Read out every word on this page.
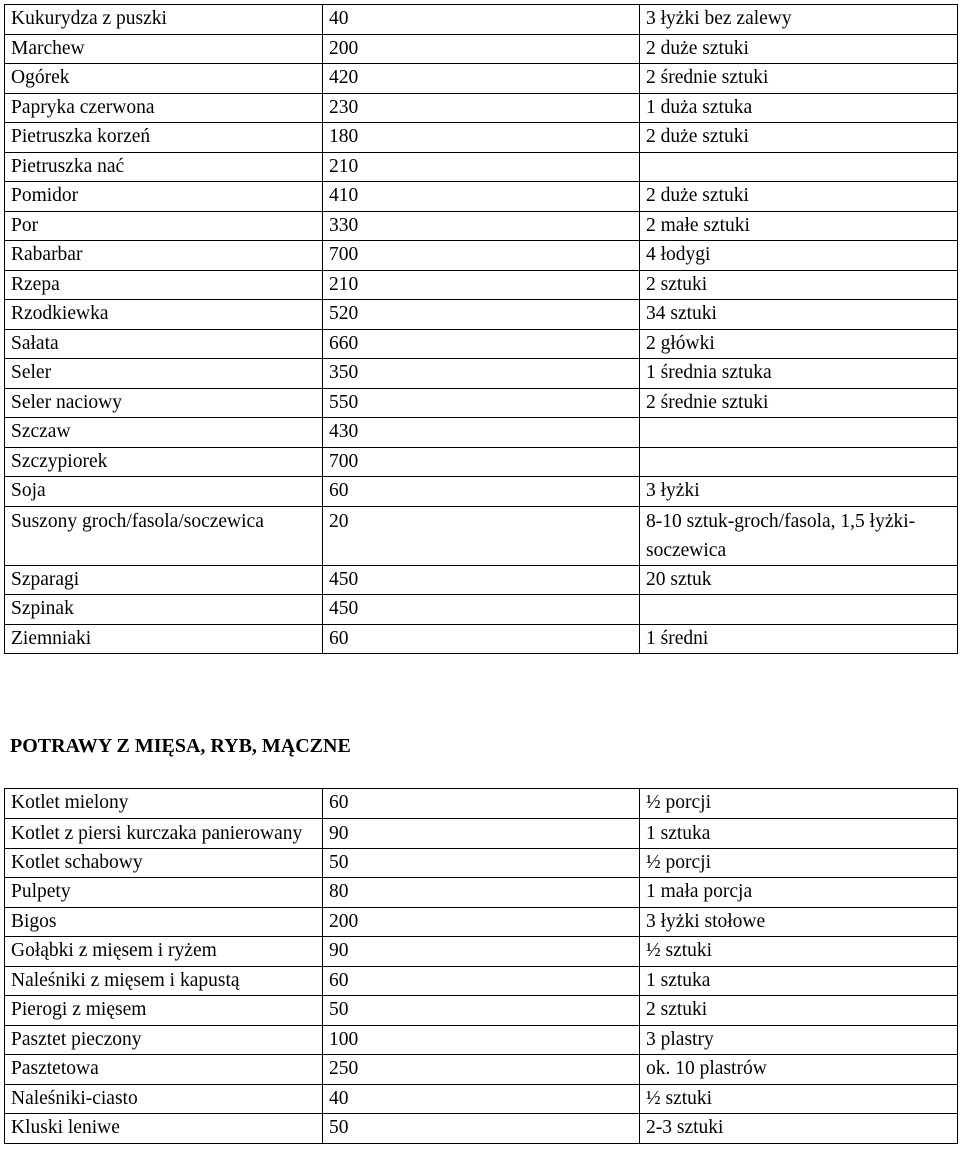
Kukurydza z puszki	40	3 łyżki bez zalewy
Marchew	200	2 duże sztuki
Ogórek	420	2 średnie sztuki
Papryka czerwona	230	1 duża sztuka
Pietruszka korzeń	180	2 duże sztuki
Pietruszka nać	210	
Pomidor	410	2 duże sztuki
Por	330	2 małe sztuki
Rabarbar	700	4 łodygi
Rzepa	210	2 sztuki
Rzodkiewka	520	34 sztuki
Sałata	660	2 główki
Seler	350	1 średnia sztuka
Seler naciowy	550	2 średnie sztuki
Szczaw	430	
Szczypiorek	700	
Soja	60	3 łyżki
Suszony groch/fasola/soczewica	20	8-10 sztuk-groch/fasola, 1,5 łyżki-soczewica
Szparagi	450	20 sztuk
Szpinak	450	
Ziemniaki	60	1 średni
POTRAWY Z MIĘSA, RYB, MĄCZNE
Kotlet mielony	60	½ porcji
Kotlet z piersi kurczaka panierowany	90	1 sztuka
Kotlet schabowy	50	½ porcji
Pulpety	80	1 mała porcja
Bigos	200	3 łyżki stołowe
Gołąbki z mięsem i ryżem	90	½ sztuki
Naleśniki z mięsem i kapustą	60	1 sztuka
Pierogi z mięsem	50	2 sztuki
Pasztet pieczony	100	3 plastry
Pasztetowa	250	ok. 10 plastrów
Naleśniki-ciasto	40	½ sztuki
Kluski leniwe	50	2-3 sztuki
